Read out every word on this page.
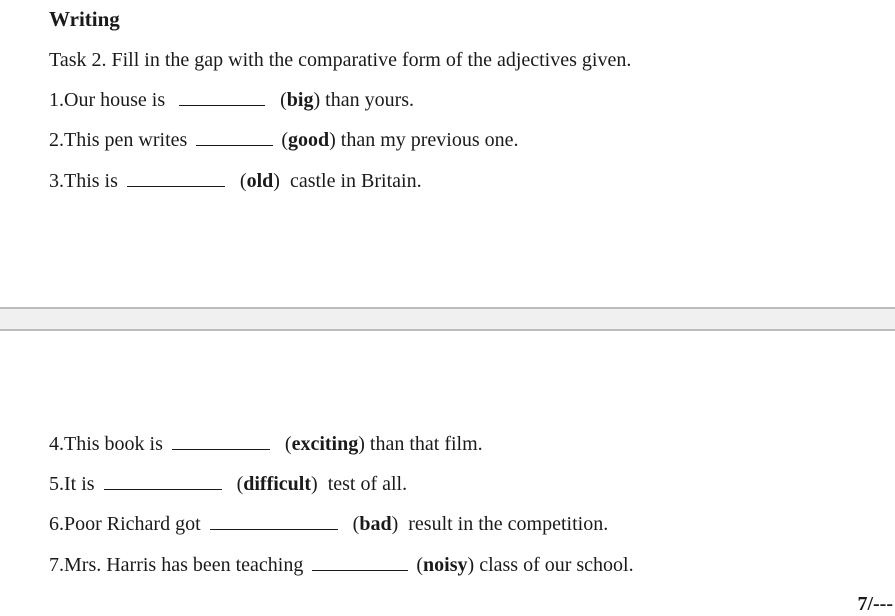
Writing
Task 2. Fill in the gap with the comparative form of the adjectives given.
1.Our house is	(big) than yours.
2.This pen writes	(good) than my previous one.
3.This is	(old)  castle in Britain.
4.This book is	(exciting) than that film.
5.It is	(difficult)  test of all.
6.Poor Richard got	(bad)  result in the competition.
7.Mrs. Harris has been teaching	(noisy) class of our school.
7/---
